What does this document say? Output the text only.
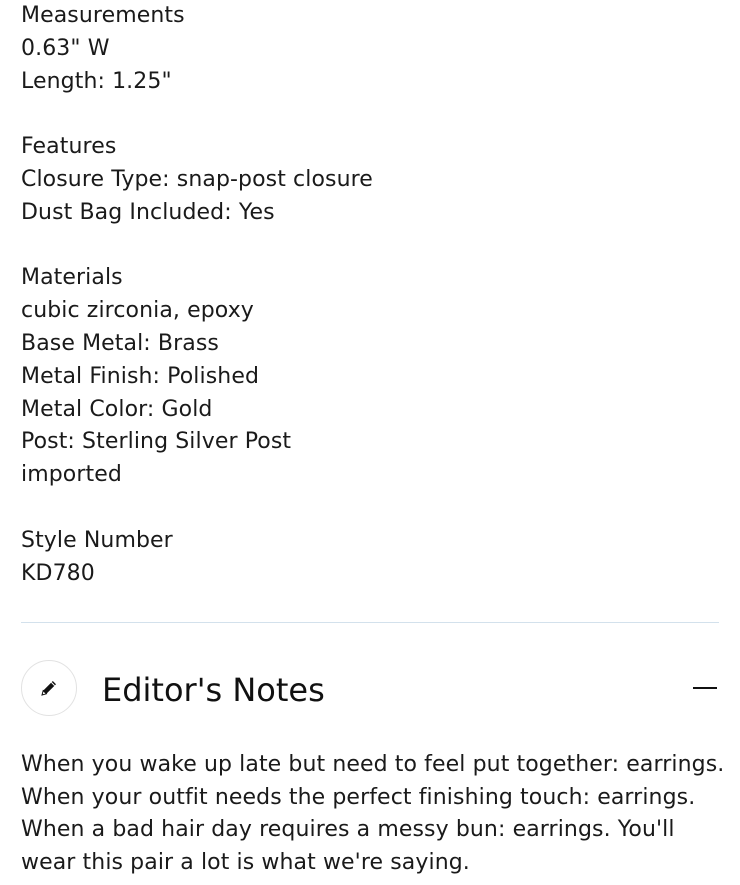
Measurements
0.63" W
Length: 1.25"
Features
Closure Type: snap-post closure
Dust Bag Included: Yes
Materials
cubic zirconia, epoxy
Base Metal: Brass
Metal Finish: Polished
Metal Color: Gold
Post: Sterling Silver Post
imported
Style Number
KD780
Editor's Notes
When you wake up late but need to feel put together: earrings.
When your outfit needs the perfect finishing touch: earrings.
When a bad hair day requires a messy bun: earrings. You'll
wear this pair a lot is what we're saying.
